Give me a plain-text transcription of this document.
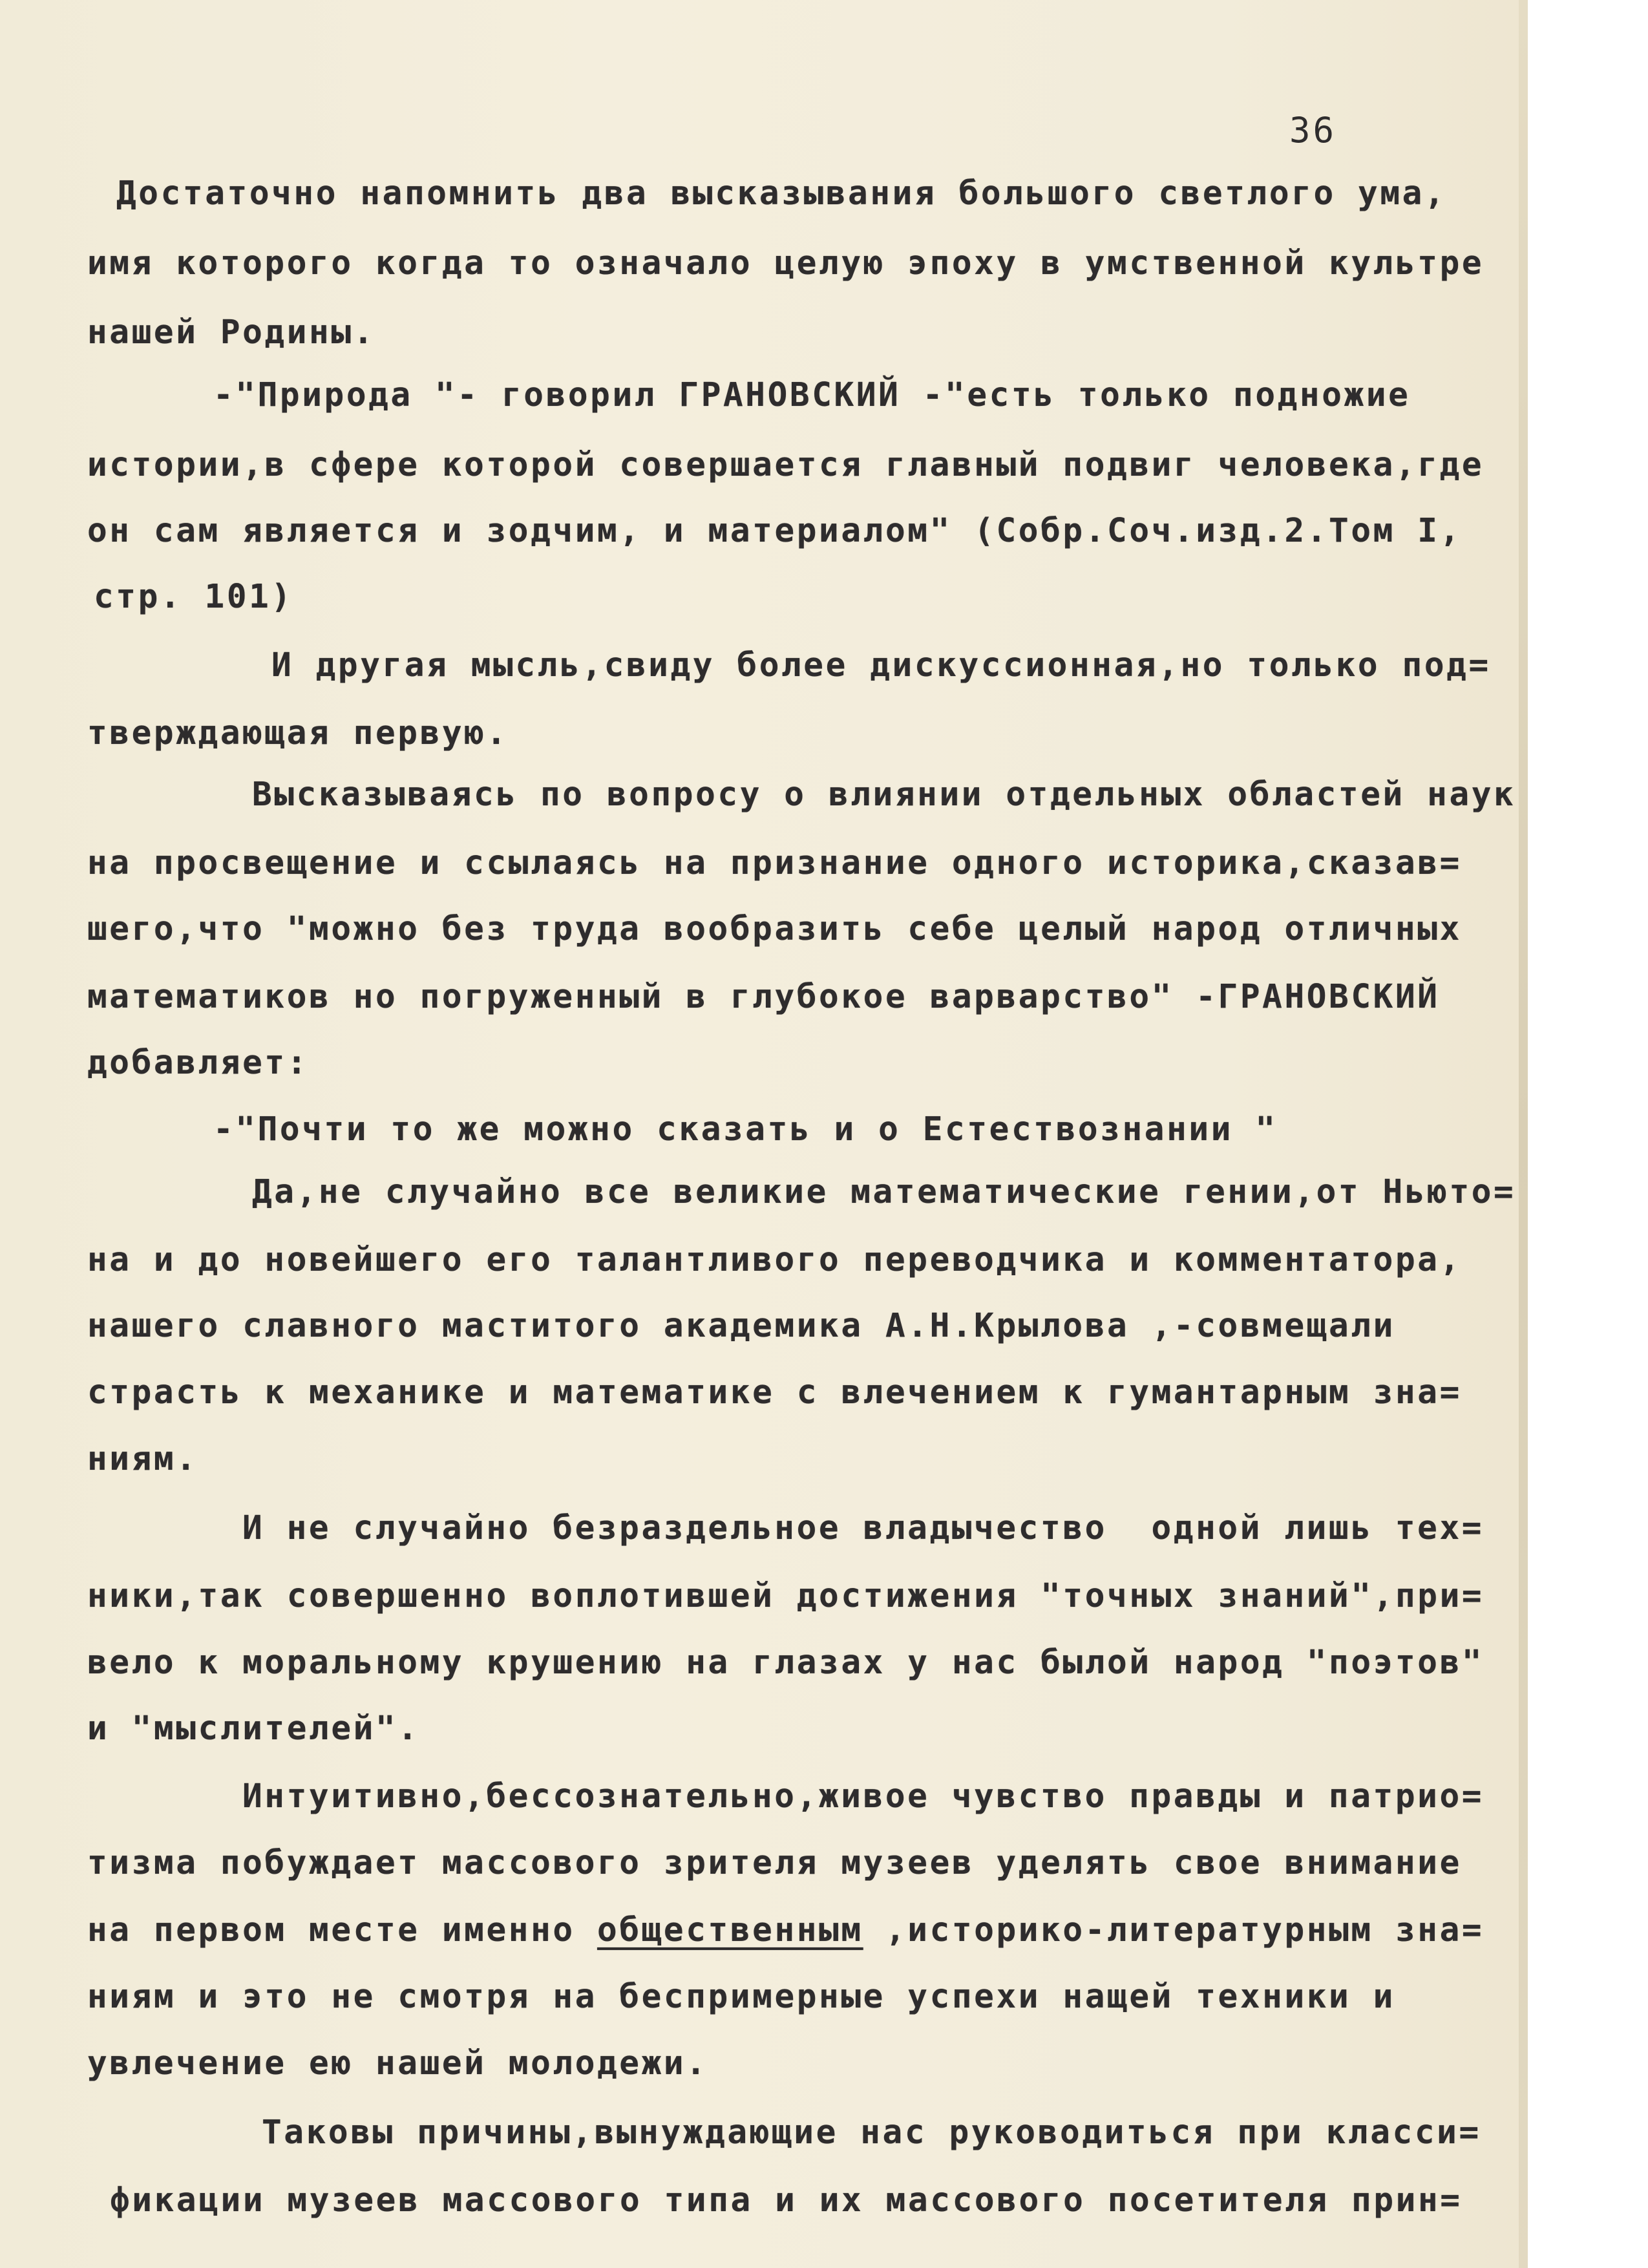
36
Достаточно напомнить два высказывания большого светлого ума,
имя которого когда то означало целую эпоху в умственной культре
нашей Родины.
-"Природа "- говорил ГРАНОВСКИЙ -"есть только подножие
истории,в сфере которой совершается главный подвиг человека,где
он сам является и зодчим, и материалом" (Собр.Соч.изд.2.Том I,
стр. 101)
И другая мысль,свиду более дискуссионная,но только под=
тверждающая первую.
Высказываясь по вопросу о влиянии отдельных областей наук
на просвещение и ссылаясь на признание одного историка,сказав=
шего,что "можно без труда вообразить себе целый народ отличных
математиков но погруженный в глубокое варварство" -ГРАНОВСКИЙ
добавляет:
-"Почти то же можно сказать и о Естествознании "
Да,не случайно все великие математические гении,от Ньюто=
на и до новейшего его талантливого переводчика и комментатора,
нашего славного маститого академика А.Н.Крылова ,-совмещали
страсть к механике и математике с влечением к гумантарным зна=
ниям.
И не случайно безраздельное владычество  одной лишь тех=
ники,так совершенно воплотившей достижения "точных знаний",при=
вело к моральному крушению на глазах у нас былой народ "поэтов"
и "мыслителей".
Интуитивно,бессознательно,живое чувство правды и патрио=
тизма побуждает массового зрителя музеев уделять свое внимание
на первом месте именно общественным ,историко-литературным зна=
ниям и это не смотря на беспримерные успехи нащей техники и
увлечение ею нашей молодежи.
Таковы причины,вынуждающие нас руководиться при класси=
фикации музеев массового типа и их массового посетителя прин=
